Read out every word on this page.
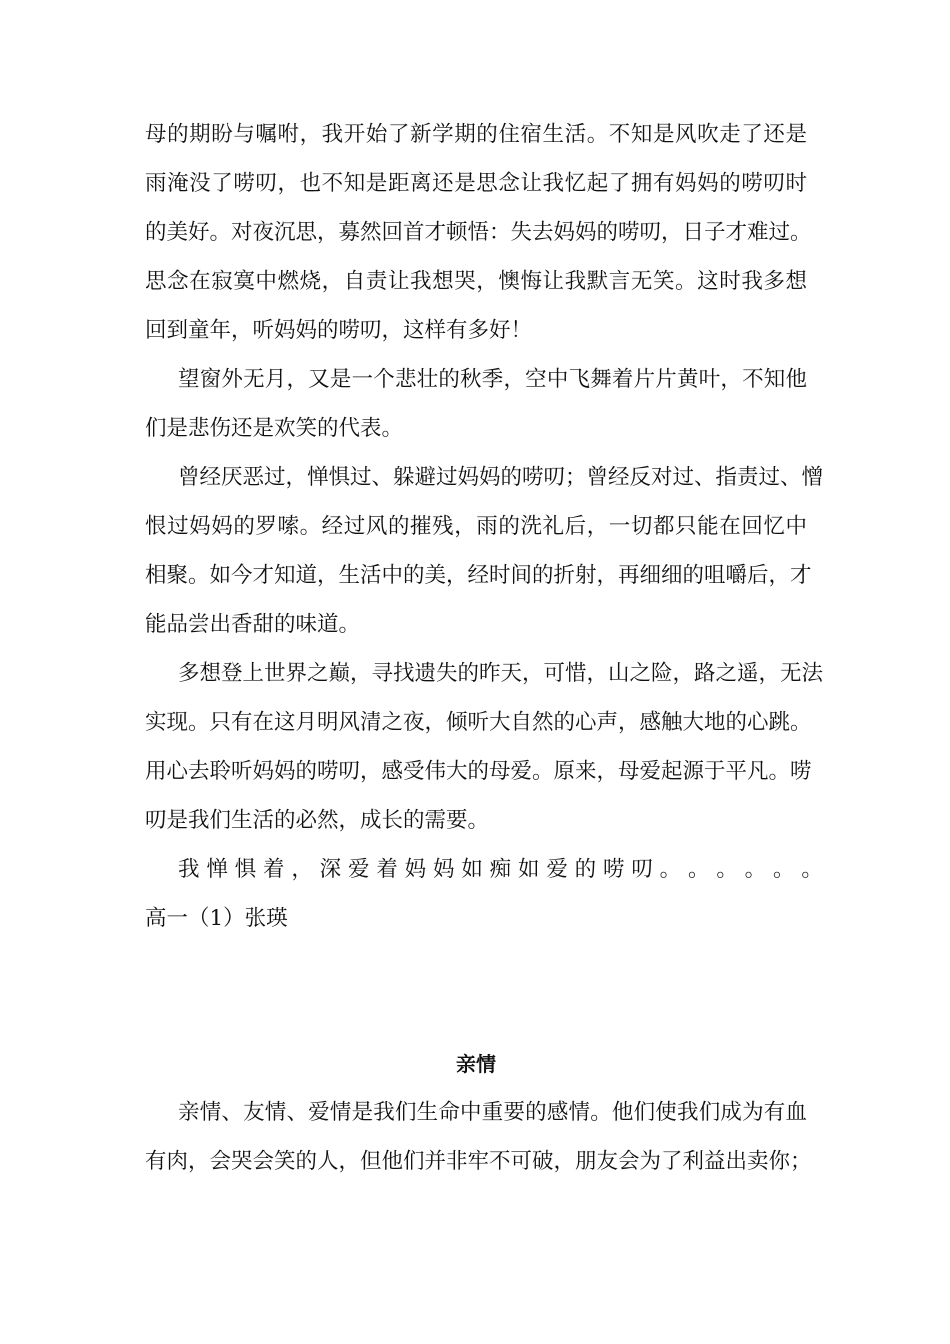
母的期盼与嘱咐，我开始了新学期的住宿生活。不知是风吹走了还是
雨淹没了唠叨，也不知是距离还是思念让我忆起了拥有妈妈的唠叨时
的美好。对夜沉思，募然回首才顿悟：失去妈妈的唠叨，日子才难过。
思念在寂寞中燃烧，自责让我想哭，懊悔让我默言无笑。这时我多想
回到童年，听妈妈的唠叨，这样有多好！
望窗外无月，又是一个悲壮的秋季，空中飞舞着片片黄叶，不知他
们是悲伤还是欢笑的代表。
曾经厌恶过，惮惧过、躲避过妈妈的唠叨；曾经反对过、指责过、憎
恨过妈妈的罗嗦。经过风的摧残，雨的洗礼后，一切都只能在回忆中
相聚。如今才知道，生活中的美，经时间的折射，再细细的咀嚼后，才
能品尝出香甜的味道。
多想登上世界之巅，寻找遗失的昨天，可惜，山之险，路之遥，无法
实现。只有在这月明风清之夜，倾听大自然的心声，感触大地的心跳。
用心去聆听妈妈的唠叨，感受伟大的母爱。原来，母爱起源于平凡。唠
叨是我们生活的必然，成长的需要。
我 惮 惧 着 ， 深 爱 着 妈 妈 如 痴 如 爱 的 唠 叨 。 。 。 。 。 。
高一（1）张瑛
亲情
亲情、友情、爱情是我们生命中重要的感情。他们使我们成为有血
有肉，会哭会笑的人，但他们并非牢不可破，朋友会为了利益出卖你；
